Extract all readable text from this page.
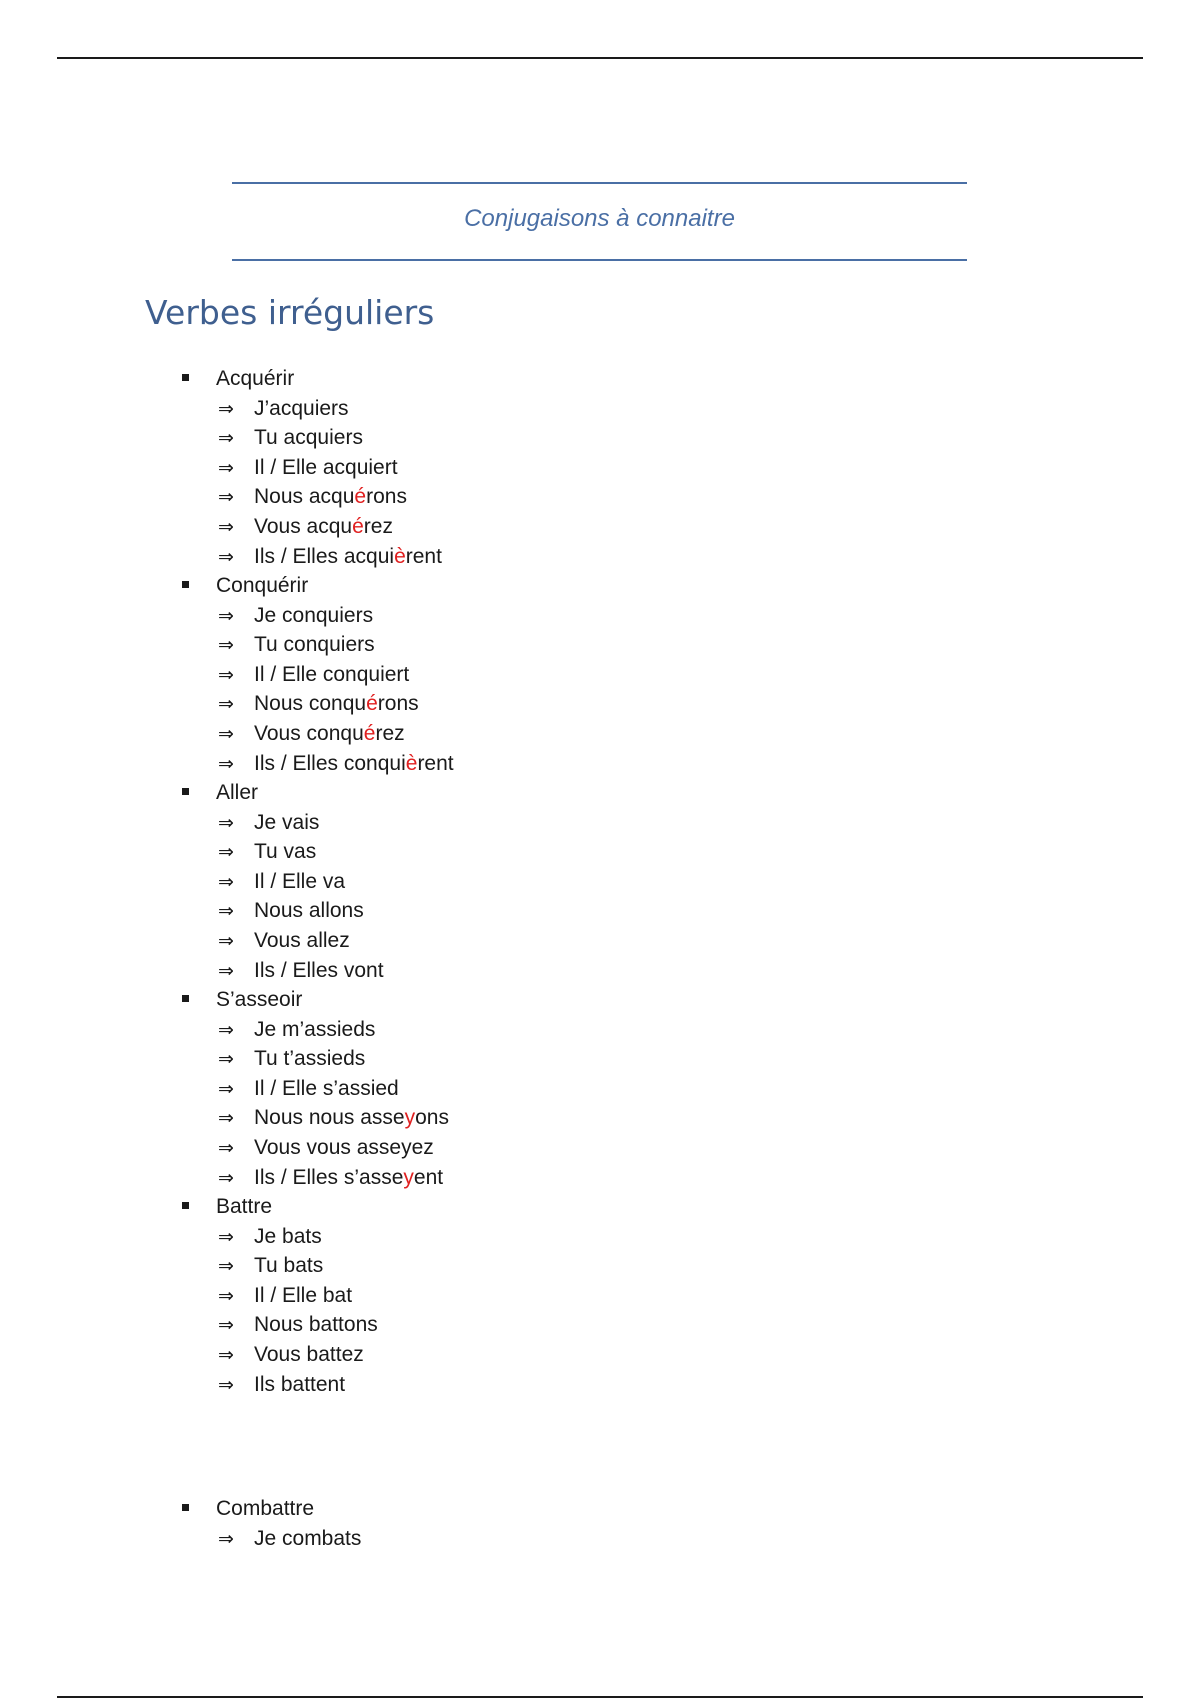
Conjugaisons à connaitre
Verbes irréguliers
Acquérir
⇒ J’acquiers
⇒ Tu acquiers
⇒ Il / Elle acquiert
⇒ Nous acquérons
⇒ Vous acquérez
⇒ Ils / Elles acquièrent
Conquérir
⇒ Je conquiers
⇒ Tu conquiers
⇒ Il / Elle conquiert
⇒ Nous conquérons
⇒ Vous conquérez
⇒ Ils / Elles conquièrent
Aller
⇒ Je vais
⇒ Tu vas
⇒ Il / Elle va
⇒ Nous allons
⇒ Vous allez
⇒ Ils / Elles vont
S’asseoir
⇒ Je m’assieds
⇒ Tu t’assieds
⇒ Il / Elle s’assied
⇒ Nous nous asseyons
⇒ Vous vous asseyez
⇒ Ils / Elles s’asseyent
Battre
⇒ Je bats
⇒ Tu bats
⇒ Il / Elle bat
⇒ Nous battons
⇒ Vous battez
⇒ Ils battent
Combattre
⇒ Je combats
